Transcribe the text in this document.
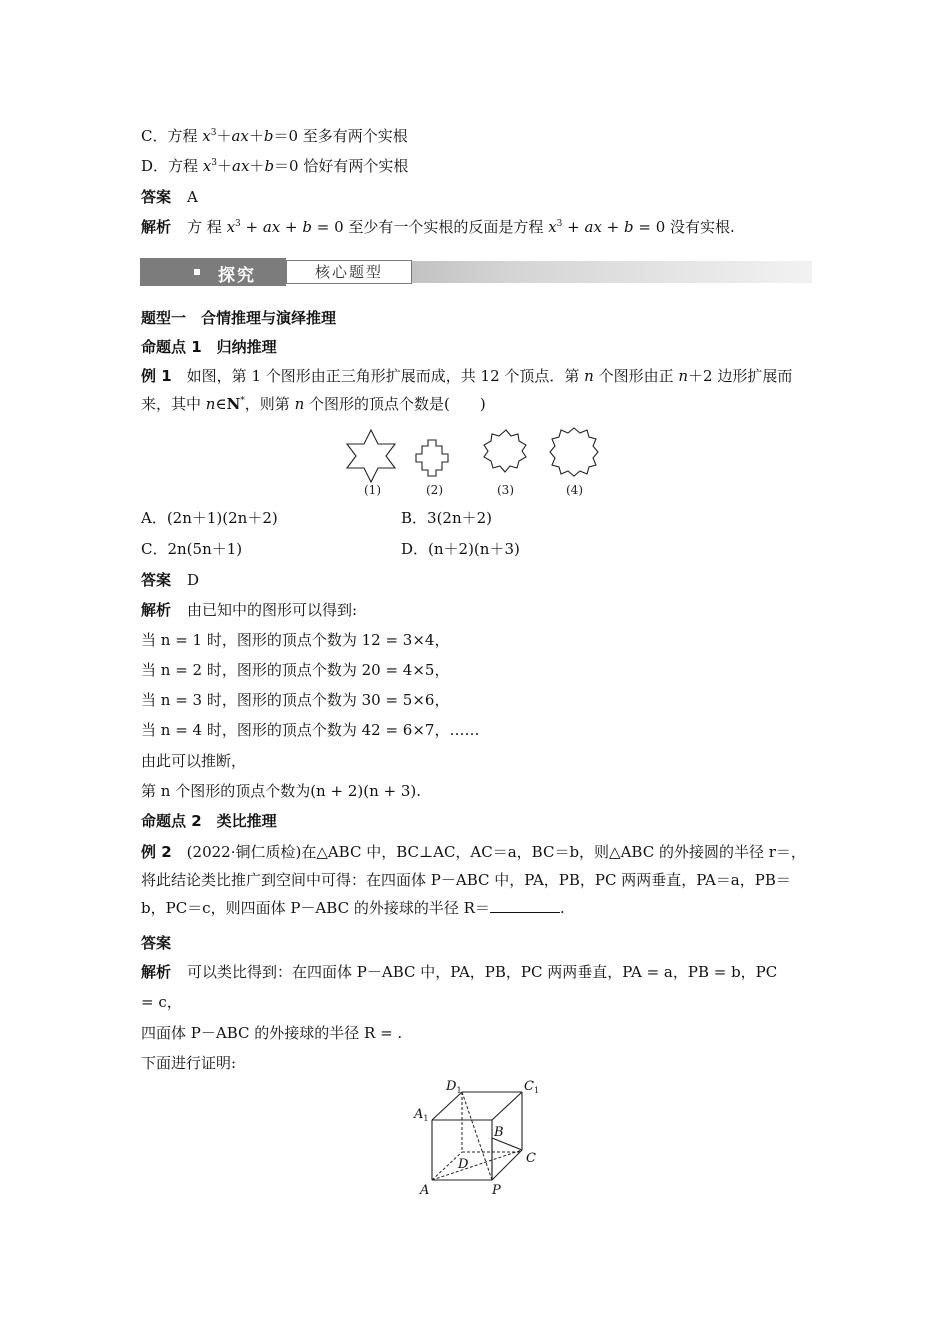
C．方程 $x^3+ax+b=0$ 至多有两个实根
D．方程 $x^3+ax+b=0$ 恰好有两个实根
答案 A
解析 方 程 $x^3$ + ax + b = 0 至少有一个实根的反面是方程 $x^3$ + ax + b = 0 没有实根.
探究	核心题型
题型一　合情推理与演绎推理
命题点 1　归纳推理
例 1　如图，第 1 个图形由正三角形扩展而成，共 12 个顶点．第 n 个图形由正 n＋2 边形扩展而来，其中 n∈N*，则第 n 个图形的顶点个数是(　　)
(1)	(2)	(3)	(4)
A．(2n＋1)(2n＋2)	B．3(2n＋2)
C．2n(5n＋1)	D．(n＋2)(n＋3)
答案 D
解析 由已知中的图形可以得到:
当 n = 1 时，图形的顶点个数为 12 = 3×4，
当 n = 2 时，图形的顶点个数为 20 = 4×5，
当 n = 3 时，图形的顶点个数为 30 = 5×6，
当 n = 4 时，图形的顶点个数为 42 = 6×7，……
由此可以推断，
第 n 个图形的顶点个数为(n + 2)(n + 3).
命题点 2　类比推理
例 2　(2022·铜仁质检)在△ABC 中，BC⊥AC，AC＝a，BC＝b，则△ABC 的外接圆的半径 r＝，将此结论类比推广到空间中可得：在四面体 P－ABC 中，PA，PB，PC 两两垂直，PA＝a，PB＝b，PC＝c，则四面体 P－ABC 的外接球的半径 R＝	.
答案
解析 可以类比得到：在四面体 P－ABC 中，PA，PB，PC 两两垂直，PA = a，PB = b，PC
= c，
四面体 P－ABC 的外接球的半径 R = .
下面进行证明:
$D_1$	$C_1$
$A_1$
B
C
D
A	P
